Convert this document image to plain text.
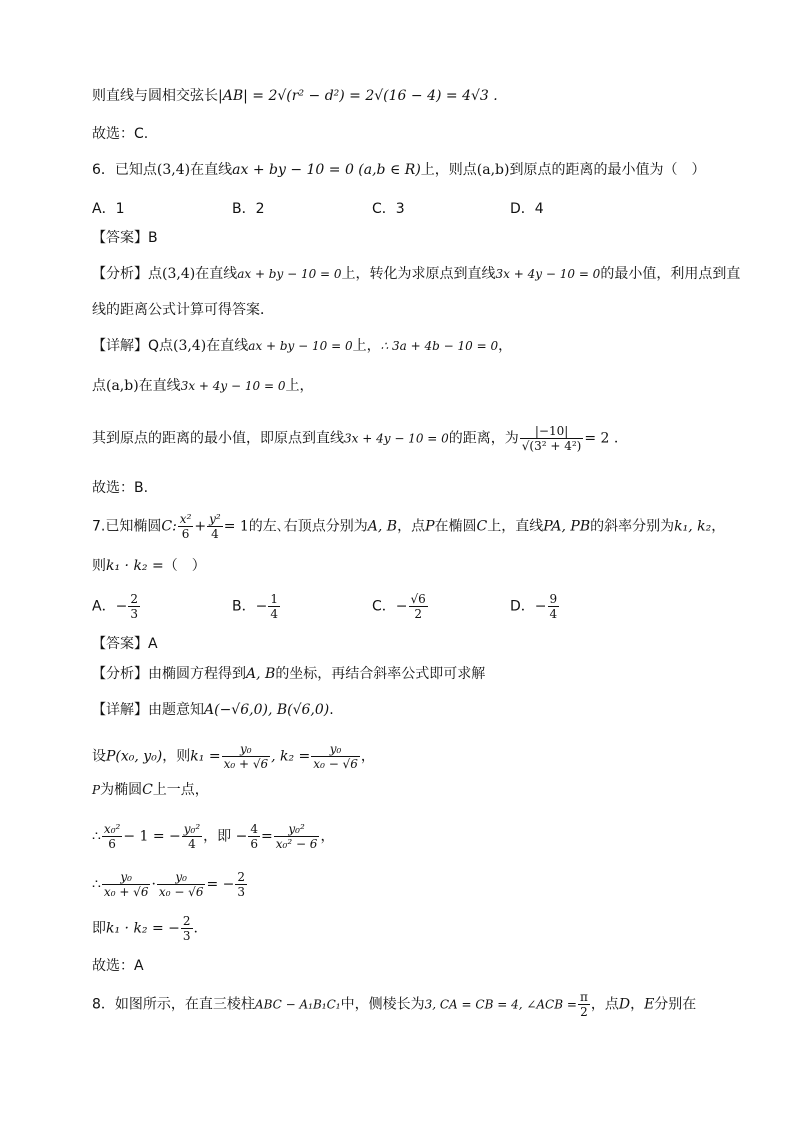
则直线与圆相交弦长|AB| = 2√(r² − d²) = 2√(16 − 4) = 4√3 .
故选：C.
6．已知点(3,4)在直线ax + by − 10 = 0 (a,b ∈ R)上，则点(a,b)到原点的距离的最小值为（　）
A．1	B．2	C．3	D．4
【答案】B
【分析】点(3,4)在直线ax + by − 10 = 0上，转化为求原点到直线3x + 4y − 10 = 0的最小值，利用点到直
线的距离公式计算可得答案．
【详解】Q点(3,4)在直线ax + by − 10 = 0上，∴ 3a + 4b − 10 = 0，
点(a,b)在直线3x + 4y − 10 = 0上，
其到原点的距离的最小值，即原点到直线3x + 4y − 10 = 0的距离，为 $\frac{|-10|}{\text{√(3² + 4²)}} = 2$ .
故选：B.
7.已知椭圆C: $\frac{\text{x²}}{6} + \frac{\text{y²}}{4} = 1$的左､右顶点分别为A, B，点P在椭圆C上，直线PA, PB的斜率分别为k₁, k₂，
则k₁ · k₂ =（　）
A．− $\frac{2}{3}$	B．− $\frac{1}{4}$	C．− $\frac{√6}{2}$	D．− $\frac{9}{4}$
【答案】A
【分析】由椭圆方程得到A, B的坐标，再结合斜率公式即可求解
【详解】由题意知A(−√6,0), B(√6,0).
设P(x₀, y₀)，则$k_1 = \frac{\text{y₀}}{\text{x₀ + √6}}$ , $k_2 = \frac{\text{y₀}}{\text{x₀ − √6}}$ ，
P为椭圆C上一点，
∴ $\frac{\text{x₀²}}{6} - 1$ = − $\frac{\text{y₀²}}{4}$ ，即 − $\frac{4}{6} = \frac{\text{y₀²}}{\text{x₀² − 6}}$ ，
∴ $\frac{\text{y₀}}{\text{x₀ + √6}} \cdot \frac{\text{y₀}}{\text{x₀ − √6}}$ = − $\frac{2}{3}$
即k₁ · k₂ = − $\frac{2}{3}$ .
故选：A
8．如图所示，在直三棱柱ABC − A₁B₁C₁中，侧棱长为3, CA = CB = 4, ∠ACB = $\frac{\pi}{2}$ ，点D，E分别在
